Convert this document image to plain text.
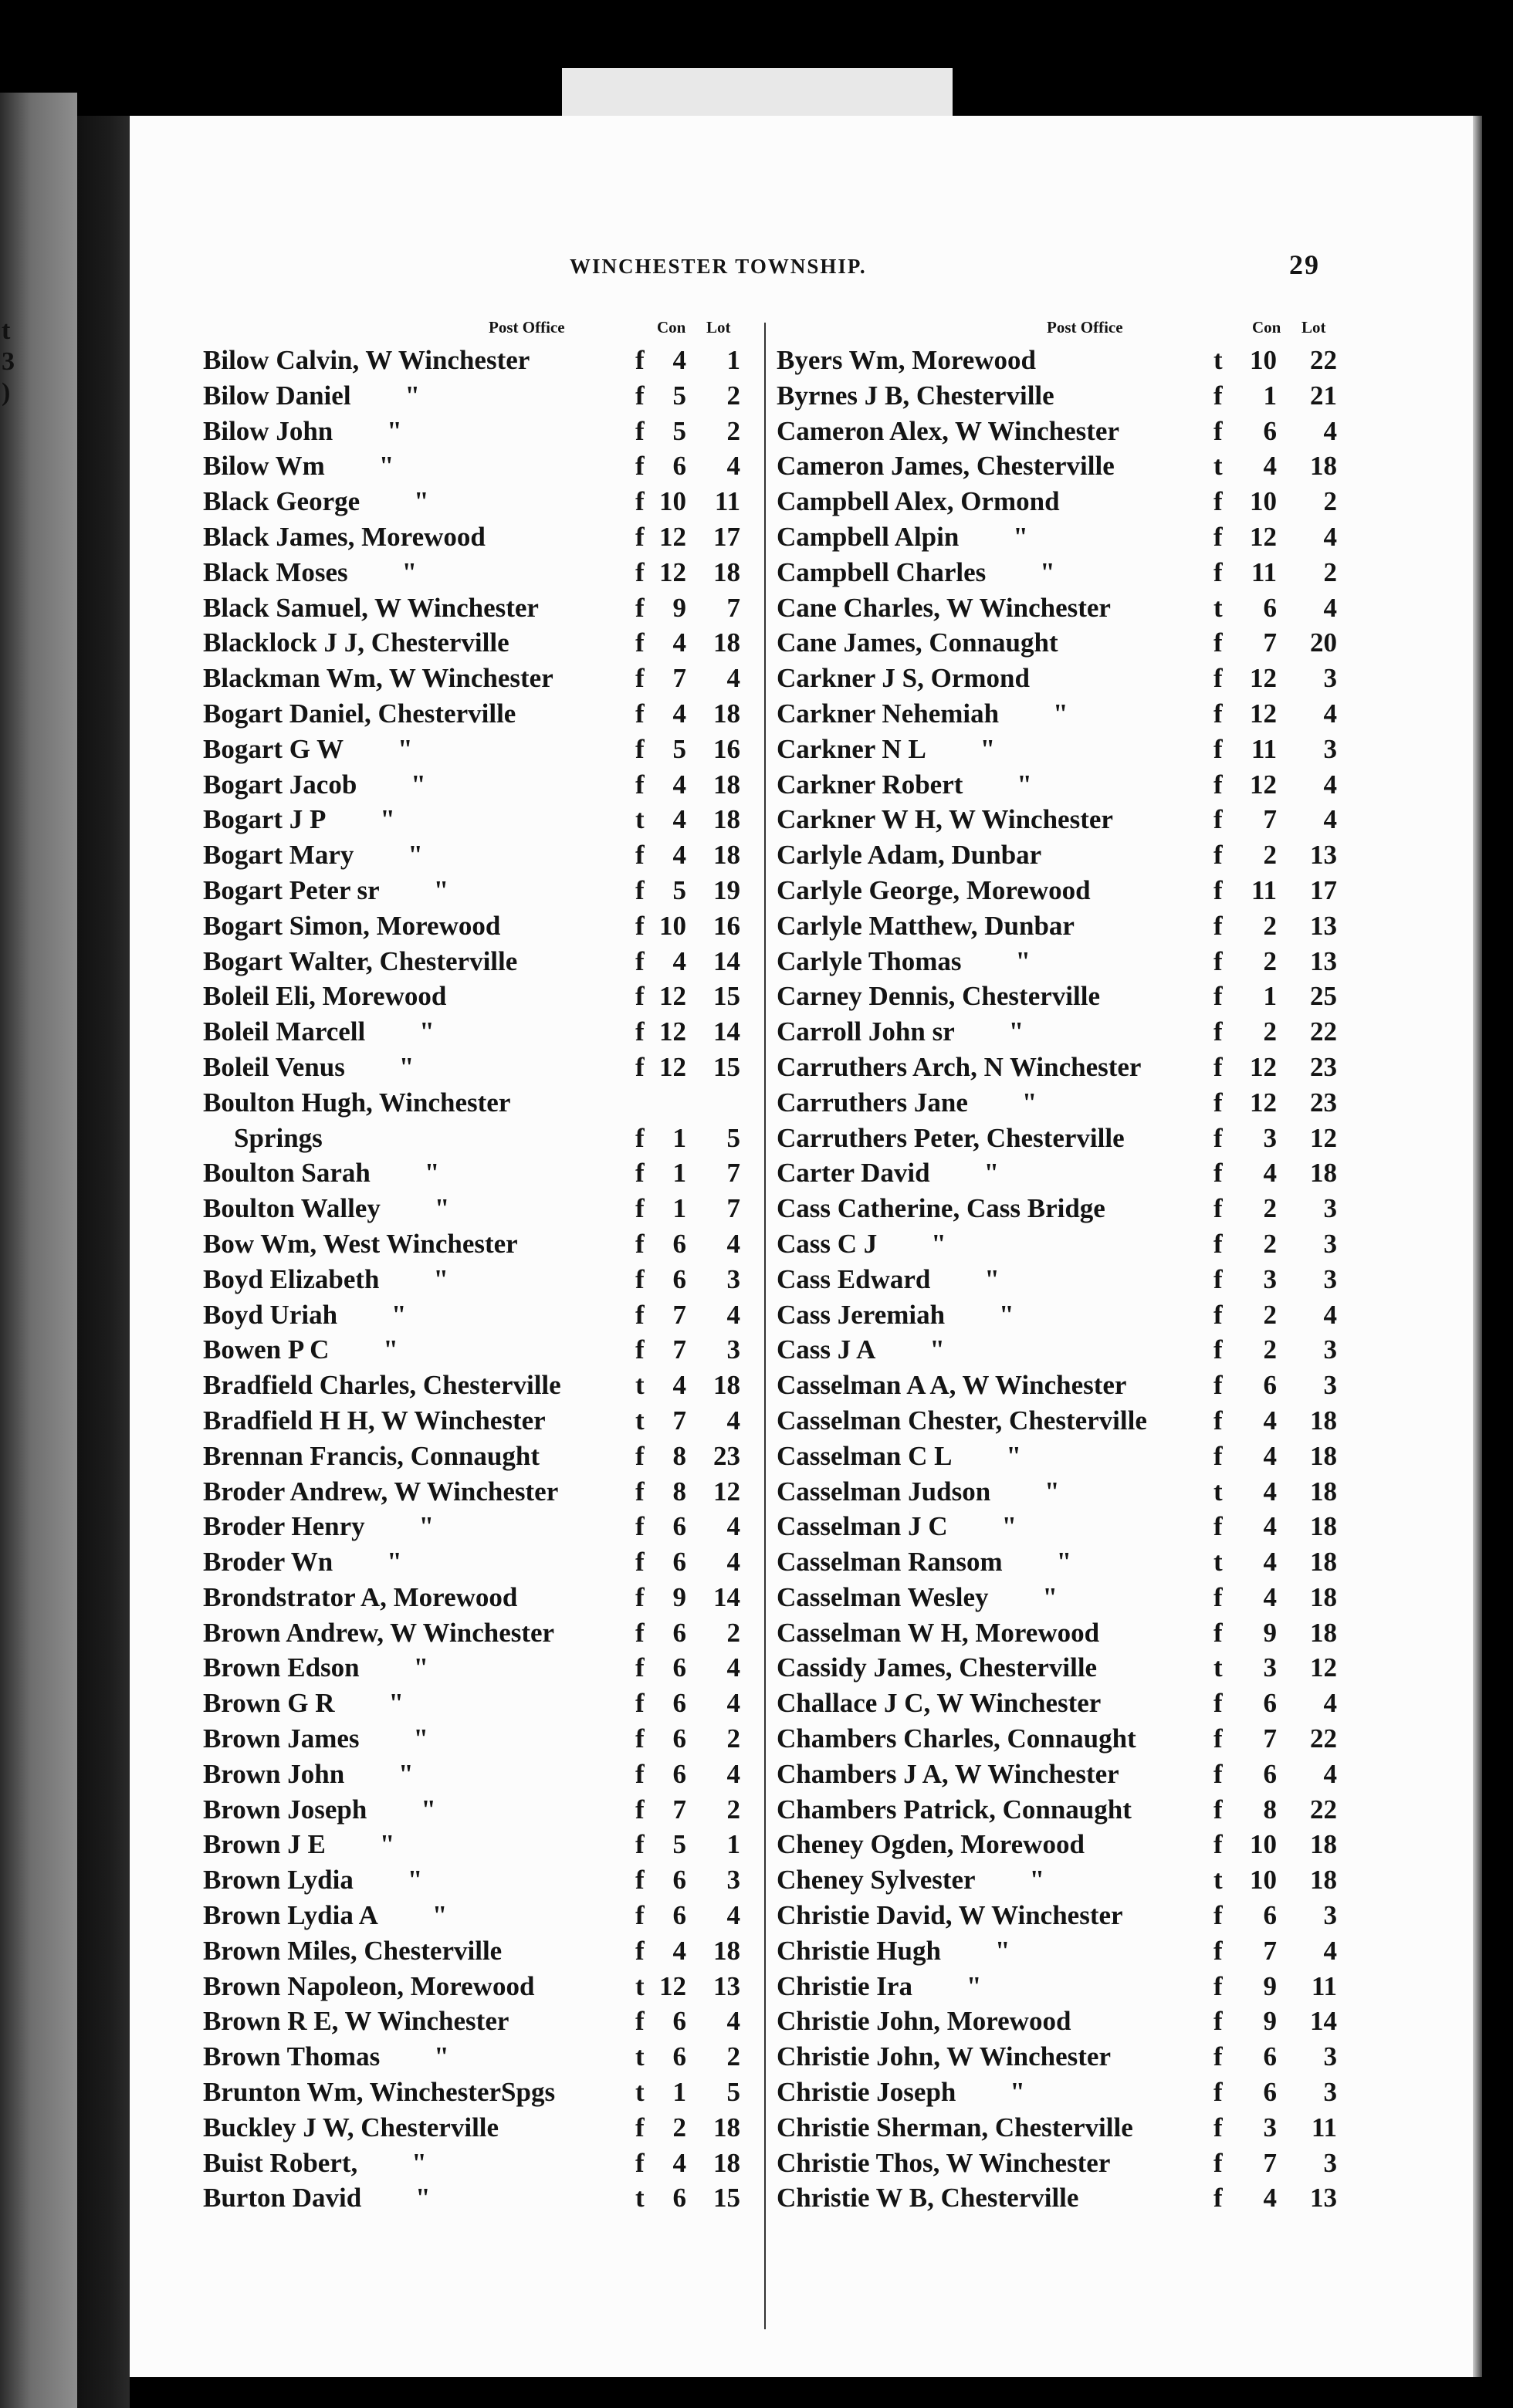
t
3
)
WINCHESTER TOWNSHIP.	29
Post Office	Con Lot
Bilow Calvin, W Winchester	f	4	1
Bilow Daniel  "	f	5	2
Bilow John  "	f	5	2
Bilow Wm  "	f	6	4
Black George  "	f 10	11
Black James, Morewood	f 12	17
Black Moses  "	f 12	18
Black Samuel, W Winchester	f	9	7
Blacklock J J, Chesterville	f	4	18
Blackman Wm, W Winchester	f	7	4
Bogart Daniel, Chesterville	f	4	18
Bogart G W  "	f	5	16
Bogart Jacob  "	f	4	18
Bogart J P  "	t	4	18
Bogart Mary  "	f	4	18
Bogart Peter sr  "	f	5	19
Bogart Simon, Morewood	f 10	16
Bogart Walter, Chesterville	f	4	14
Boleil Eli, Morewood	f 12	15
Boleil Marcell  "	f 12	14
Boleil Venus  "	f 12	15
Boulton Hugh, Winchester
Springs	f	1	5
Boulton Sarah  "	f	1	7
Boulton Walley  "	f	1	7
Bow Wm, West Winchester	f	6	4
Boyd Elizabeth  "	f	6	3
Boyd Uriah  "	f	7	4
Bowen P C  "	f	7	3
Bradfield Charles, Chesterville	t	4	18
Bradfield H H, W Winchester	t	7	4
Brennan Francis, Connaught	f	8	23
Broder Andrew, W Winchester	f	8	12
Broder Henry  "	f	6	4
Broder Wn  "	f	6	4
Brondstrator A, Morewood	f	9	14
Brown Andrew, W Winchester	f	6	2
Brown Edson  "	f	6	4
Brown G R  "	f	6	4
Brown James  "	f	6	2
Brown John  "	f	6	4
Brown Joseph  "	f	7	2
Brown J E  "	f	5	1
Brown Lydia  "	f	6	3
Brown Lydia A  "	f	6	4
Brown Miles, Chesterville	f	4	18
Brown Napoleon, Morewood	t 12	13
Brown R E, W Winchester	f	6	4
Brown Thomas  "	t	6	2
Brunton Wm, WinchesterSpgs	t	1	5
Buckley J W, Chesterville	f	2	18
Buist Robert,  "	f	4	18
Burton David  "	t	6	15
Post Office	Con Lot
Byers Wm, Morewood	t	10	22
Byrnes J B, Chesterville	f	1	21
Cameron Alex, W Winchester	f	6	4
Cameron James, Chesterville	t	4	18
Campbell Alex, Ormond	f	10	2
Campbell Alpin  "	f	12	4
Campbell Charles  "	f	11	2
Cane Charles, W Winchester	t	6	4
Cane James, Connaught	f	7	20
Carkner J S, Ormond	f	12	3
Carkner Nehemiah  "	f	12	4
Carkner N L  "	f	11	3
Carkner Robert  "	f	12	4
Carkner W H, W Winchester	f	7	4
Carlyle Adam, Dunbar	f	2	13
Carlyle George, Morewood	f	11	17
Carlyle Matthew, Dunbar	f	2	13
Carlyle Thomas  "	f	2	13
Carney Dennis, Chesterville	f	1	25
Carroll John sr  "	f	2	22
Carruthers Arch, N Winchester	f	12	23
Carruthers Jane  "	f	12	23
Carruthers Peter, Chesterville	f	3	12
Carter David  "	f	4	18
Cass Catherine, Cass Bridge	f	2	3
Cass C J  "	f	2	3
Cass Edward  "	f	3	3
Cass Jeremiah  "	f	2	4
Cass J A  "	f	2	3
Casselman A A, W Winchester	f	6	3
Casselman Chester, Chesterville f	4	18
Casselman C L  "	f	4	18
Casselman Judson  "	t	4	18
Casselman J C  "	f	4	18
Casselman Ransom  "	t	4	18
Casselman Wesley  "	f	4	18
Casselman W H, Morewood	f	9	18
Cassidy James, Chesterville	t	3	12
Challace J C, W Winchester	f	6	4
Chambers Charles, Connaught	f	7	22
Chambers J A, W Winchester	f	6	4
Chambers Patrick, Connaught	f	8	22
Cheney Ogden, Morewood	f	10	18
Cheney Sylvester  "	t	10	18
Christie David, W Winchester	f	6	3
Christie Hugh  "	f	7	4
Christie Ira  "	f	9	11
Christie John, Morewood	f	9	14
Christie John, W Winchester	f	6	3
Christie Joseph  "	f	6	3
Christie Sherman, Chesterville	f	3	11
Christie Thos, W Winchester	f	7	3
Christie W B, Chesterville	f	4	13
